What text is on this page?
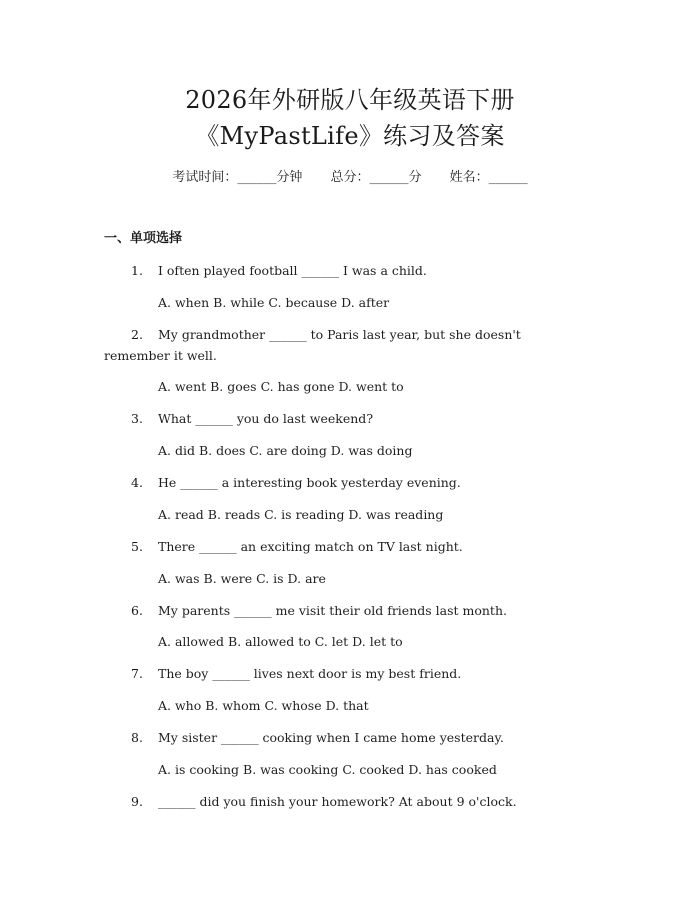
2026年外研版八年级英语下册
《MyPastLife》练习及答案
考试时间：______分钟 总分：______分 姓名：______
一、单项选择
1.	I often played football ______ I was a child.
A. when B. while C. because D. after
2.	My grandmother ______ to Paris last year, but she doesn't
remember it well.
A. went B. goes C. has gone D. went to
3.	What ______ you do last weekend?
A. did B. does C. are doing D. was doing
4.	He ______ a interesting book yesterday evening.
A. read B. reads C. is reading D. was reading
5.	There ______ an exciting match on TV last night.
A. was B. were C. is D. are
6.	My parents ______ me visit their old friends last month.
A. allowed B. allowed to C. let D. let to
7.	The boy ______ lives next door is my best friend.
A. who B. whom C. whose D. that
8.	My sister ______ cooking when I came home yesterday.
A. is cooking B. was cooking C. cooked D. has cooked
9.	______ did you finish your homework? At about 9 o'clock.
